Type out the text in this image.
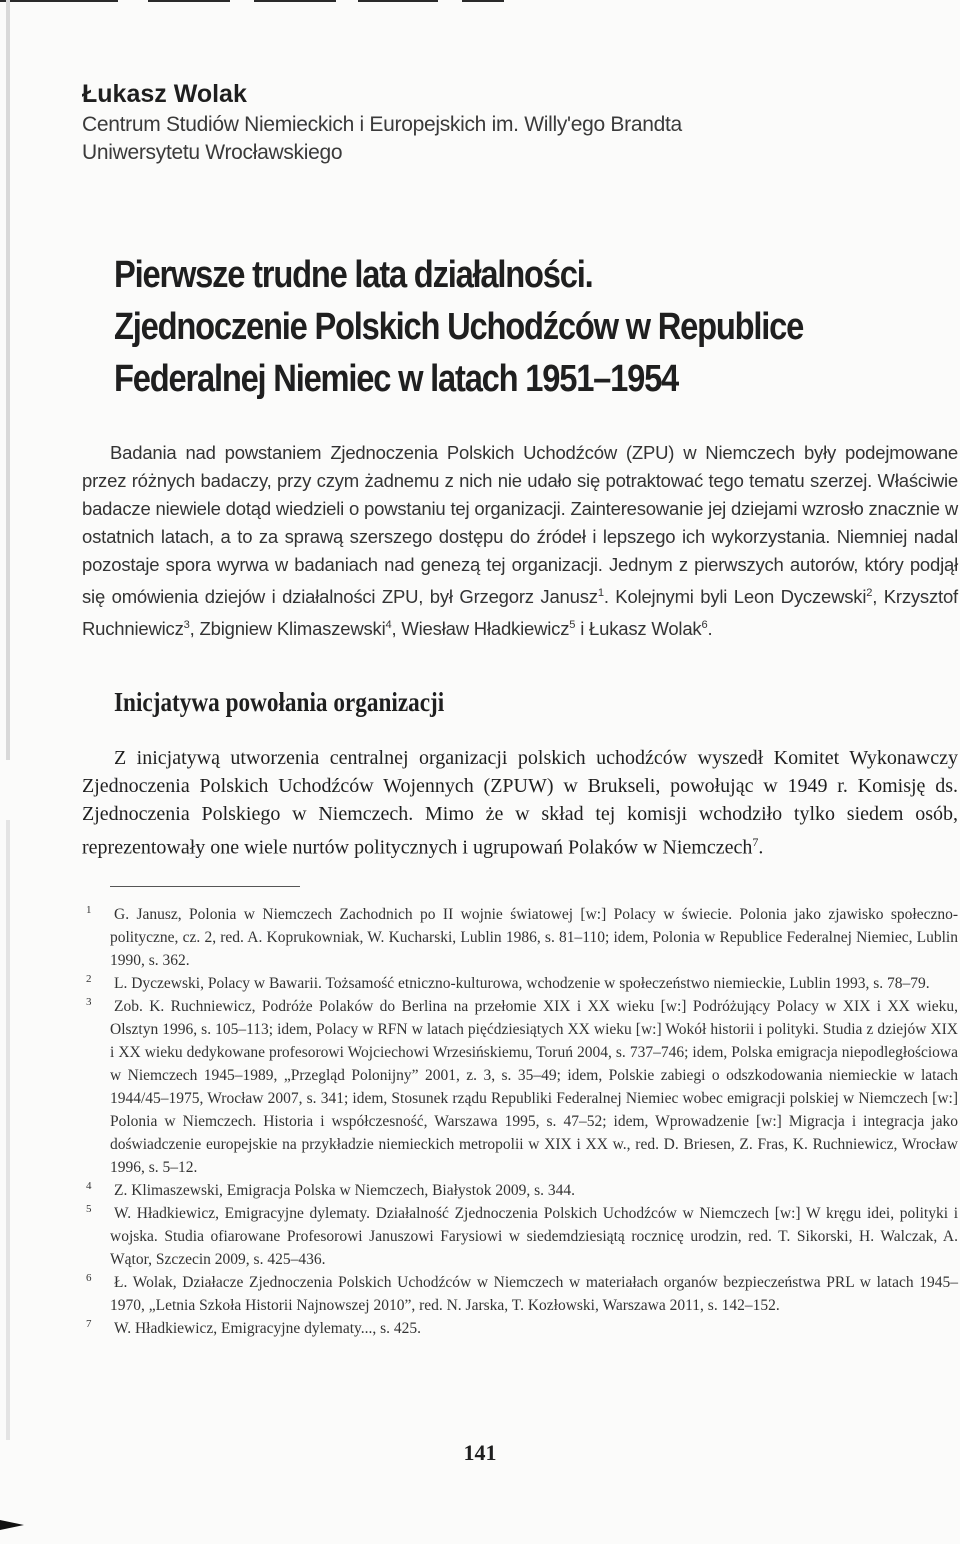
Łukasz Wolak
Centrum Studiów Niemieckich i Europejskich im. Willy'ego Brandta
Uniwersytetu Wrocławskiego
Pierwsze trudne lata działalności.
Zjednoczenie Polskich Uchodźców w Republice
Federalnej Niemiec w latach 1951–1954

Badania nad powstaniem Zjednoczenia Polskich Uchodźców (ZPU) w Niemczech były podejmowane przez różnych badaczy, przy czym żadnemu z nich nie udało się potraktować tego tematu szerzej. Właściwie badacze niewiele dotąd wiedzieli o powstaniu tej organizacji. Zainteresowanie jej dziejami wzrosło znacznie w ostatnich latach, a to za sprawą szerszego dostępu do źródeł i lepszego ich wykorzystania. Niemniej nadal pozostaje spora wyrwa w badaniach nad genezą tej organizacji. Jednym z pierwszych autorów, który podjął się omówienia dziejów i działalności ZPU, był Grzegorz Janusz$^1$. Kolejnymi byli Leon Dyczewski$^2$, Krzysztof Ruchniewicz$^3$, Zbigniew Klimaszewski$^4$, Wiesław Hładkiewicz$^5$ i Łukasz Wolak$^6$.

Inicjatywa powołania organizacji

Z inicjatywą utworzenia centralnej organizacji polskich uchodźców wyszedł Komitet Wykonawczy Zjednoczenia Polskich Uchodźców Wojennych (ZPUW) w Brukseli, powołując w 1949 r. Komisję ds. Zjednoczenia Polskiego w Niemczech. Mimo że w skład tej komisji wchodziło tylko siedem osób, reprezentowały one wiele nurtów politycznych i ugrupowań Polaków w Niemczech$^7$.

1 G. Janusz, Polonia w Niemczech Zachodnich po II wojnie światowej [w:] Polacy w świecie. Polonia jako zjawisko społeczno-polityczne, cz. 2, red. A. Koprukowniak, W. Kucharski, Lublin 1986, s. 81–110; idem, Polonia w Republice Federalnej Niemiec, Lublin 1990, s. 362.
2 L. Dyczewski, Polacy w Bawarii. Tożsamość etniczno-kulturowa, wchodzenie w społeczeństwo niemieckie, Lublin 1993, s. 78–79.
3 Zob. K. Ruchniewicz, Podróże Polaków do Berlina na przełomie XIX i XX wieku [w:] Podróżujący Polacy w XIX i XX wieku, Olsztyn 1996, s. 105–113; idem, Polacy w RFN w latach pięćdziesiątych XX wieku [w:] Wokół historii i polityki. Studia z dziejów XIX i XX wieku dedykowane profesorowi Wojciechowi Wrzesińskiemu, Toruń 2004, s. 737–746; idem, Polska emigracja niepodległościowa w Niemczech 1945–1989, „Przegląd Polonijny” 2001, z. 3, s. 35–49; idem, Polskie zabiegi o odszkodowania niemieckie w latach 1944/45–1975, Wrocław 2007, s. 341; idem, Stosunek rządu Republiki Federalnej Niemiec wobec emigracji polskiej w Niemczech [w:] Polonia w Niemczech. Historia i współczesność, Warszawa 1995, s. 47–52; idem, Wprowadzenie [w:] Migracja i integracja jako doświadczenie europejskie na przykładzie niemieckich metropolii w XIX i XX w., red. D. Briesen, Z. Fras, K. Ruchniewicz, Wrocław 1996, s. 5–12.
4 Z. Klimaszewski, Emigracja Polska w Niemczech, Białystok 2009, s. 344.
5 W. Hładkiewicz, Emigracyjne dylematy. Działalność Zjednoczenia Polskich Uchodźców w Niemczech [w:] W kręgu idei, polityki i wojska. Studia ofiarowane Profesorowi Januszowi Farysiowi w siedemdziesiątą rocznicę urodzin, red. T. Sikorski, H. Walczak, A. Wątor, Szczecin 2009, s. 425–436.
6 Ł. Wolak, Działacze Zjednoczenia Polskich Uchodźców w Niemczech w materiałach organów bezpieczeństwa PRL w latach 1945–1970, „Letnia Szkoła Historii Najnowszej 2010”, red. N. Jarska, T. Kozłowski, Warszawa 2011, s. 142–152.
7 W. Hładkiewicz, Emigracyjne dylematy..., s. 425.
141
